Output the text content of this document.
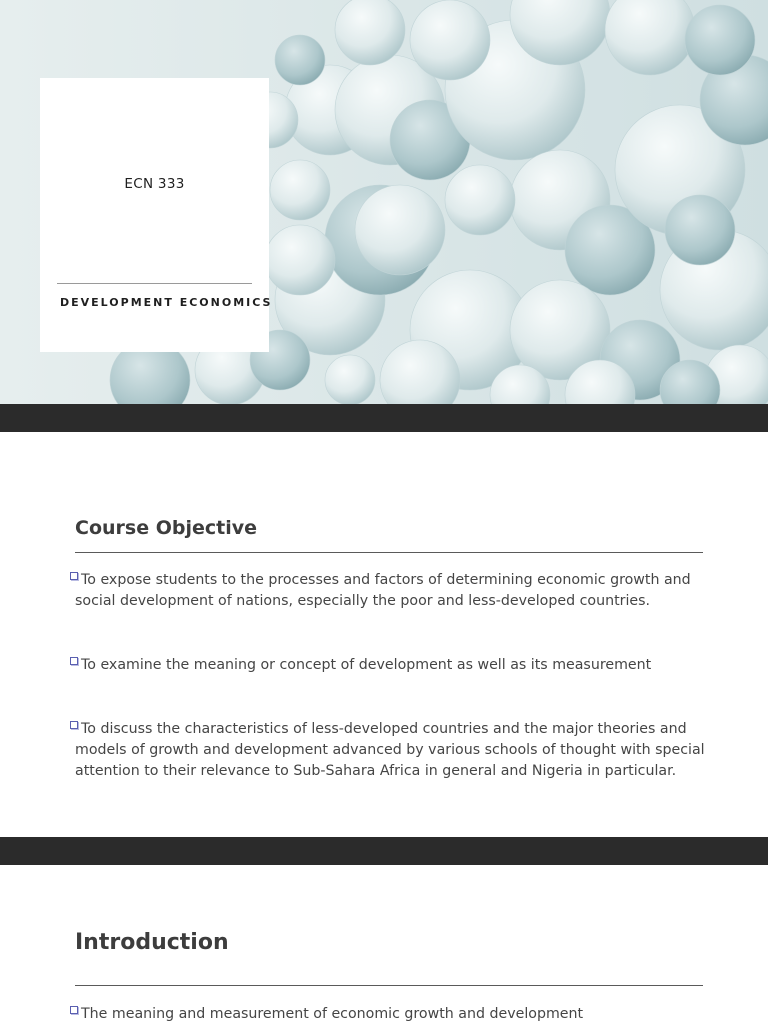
ECN 333
DEVELOPMENT ECONOMICS
Course Objective
To expose students to the processes and factors of determining economic growth and social development of nations, especially the poor and less-developed countries.
To examine the meaning or concept of development as well as its measurement
To discuss the characteristics of less-developed countries and the major theories and models of growth and development advanced by various schools of thought with special attention to their relevance to Sub-Sahara Africa in general and Nigeria in particular.
Introduction
The meaning and measurement of economic growth and development
